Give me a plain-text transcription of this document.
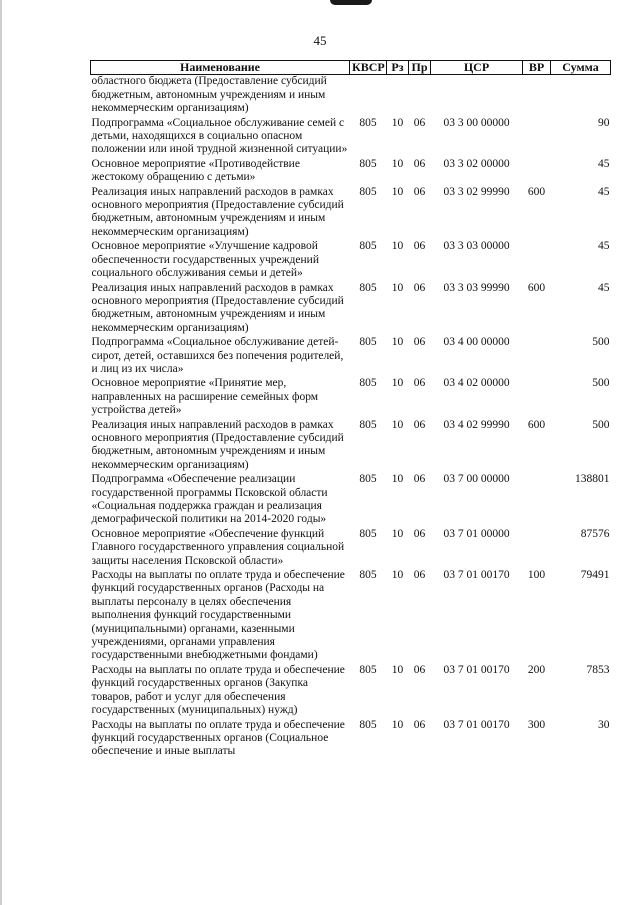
45
Наименование	КВСР	Рз	Пр	ЦСР	ВР	Сумма
областного бюджета (Предоставление субсидий бюджетным, автономным учреждениям и иным некоммерческим организациям)						
Подпрограмма «Социальное обслуживание семей с детьми, находящихся в социально опасном положении или иной трудной жизненной ситуации»	805	10	06	03 3 00 00000		90
Основное мероприятие «Противодействие жестокому обращению с детьми»	805	10	06	03 3 02 00000		45
Реализация иных направлений расходов в рамках основного мероприятия (Предоставление субсидий бюджетным, автономным учреждениям и иным некоммерческим организациям)	805	10	06	03 3 02 99990	600	45
Основное мероприятие «Улучшение кадровой обеспеченности государственных учреждений социального обслуживания семьи и детей»	805	10	06	03 3 03 00000		45
Реализация иных направлений расходов в рамках основного мероприятия (Предоставление субсидий бюджетным, автономным учреждениям и иным некоммерческим организациям)	805	10	06	03 3 03 99990	600	45
Подпрограмма «Социальное обслуживание детей-сирот, детей, оставшихся без попечения родителей, и лиц из их числа»	805	10	06	03 4 00 00000		500
Основное мероприятие «Принятие мер, направленных на расширение семейных форм устройства детей»	805	10	06	03 4 02 00000		500
Реализация иных направлений расходов в рамках основного мероприятия (Предоставление субсидий бюджетным, автономным учреждениям и иным некоммерческим организациям)	805	10	06	03 4 02 99990	600	500
Подпрограмма «Обеспечение реализации государственной программы Псковской области «Социальная поддержка граждан и реализация демографической политики на 2014-2020 годы»	805	10	06	03 7 00 00000		138801
Основное мероприятие «Обеспечение функций Главного государственного управления социальной защиты населения Псковской области»	805	10	06	03 7 01 00000		87576
Расходы на выплаты по оплате труда и обеспечение функций государственных органов (Расходы на выплаты персоналу в целях обеспечения выполнения функций государственными (муниципальными) органами, казенными учреждениями, органами управления государственными внебюджетными фондами)	805	10	06	03 7 01 00170	100	79491
Расходы на выплаты по оплате труда и обеспечение функций государственных органов (Закупка товаров, работ и услуг для обеспечения государственных (муниципальных) нужд)	805	10	06	03 7 01 00170	200	7853
Расходы на выплаты по оплате труда и обеспечение функций государственных органов (Социальное обеспечение и иные выплаты	805	10	06	03 7 01 00170	300	30
